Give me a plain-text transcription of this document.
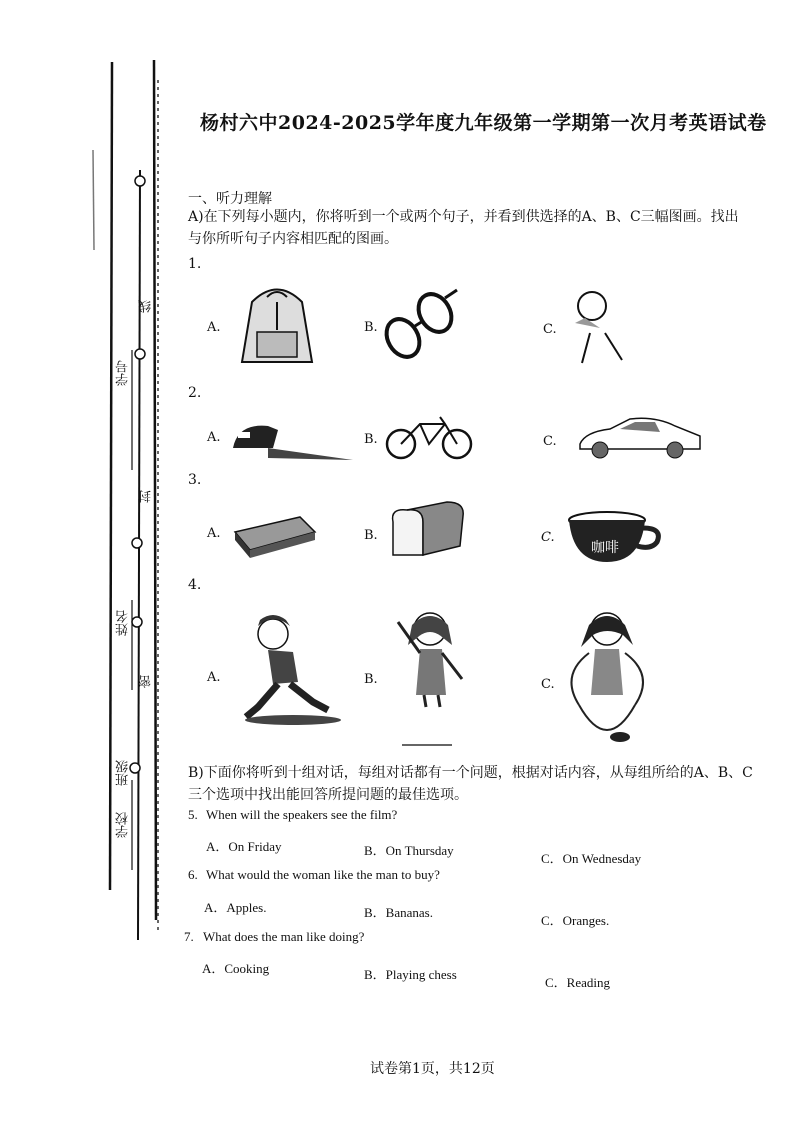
线
学号
封
姓名
密
班级
学校
杨村六中2024-2025学年度九年级第一学期第一次月考英语试卷
一、听力理解
A)在下列每小题内，你将听到一个或两个句子，并看到供选择的A、B、C三幅图画。找出
与你所听句子内容相匹配的图画。
1.
A.	B.	C.
2.
A.	B.	C.
3.
A.	B.	C.
咖啡
4.
A.	B.	C.
B)下面你将听到十组对话，每组对话都有一个问题，根据对话内容，从每组所给的A、B、C
三个选项中找出能回答所提问题的最佳选项。
5. When will the speakers see the film?
A．On Friday	B．On Thursday
C．On Wednesday
6. What would the woman like the man to buy?
A．Apples.	B．Bananas.
C．Oranges.
7. What does the man like doing?
A．Cooking	B．Playing chess
C．Reading
试卷第1页，共12页
